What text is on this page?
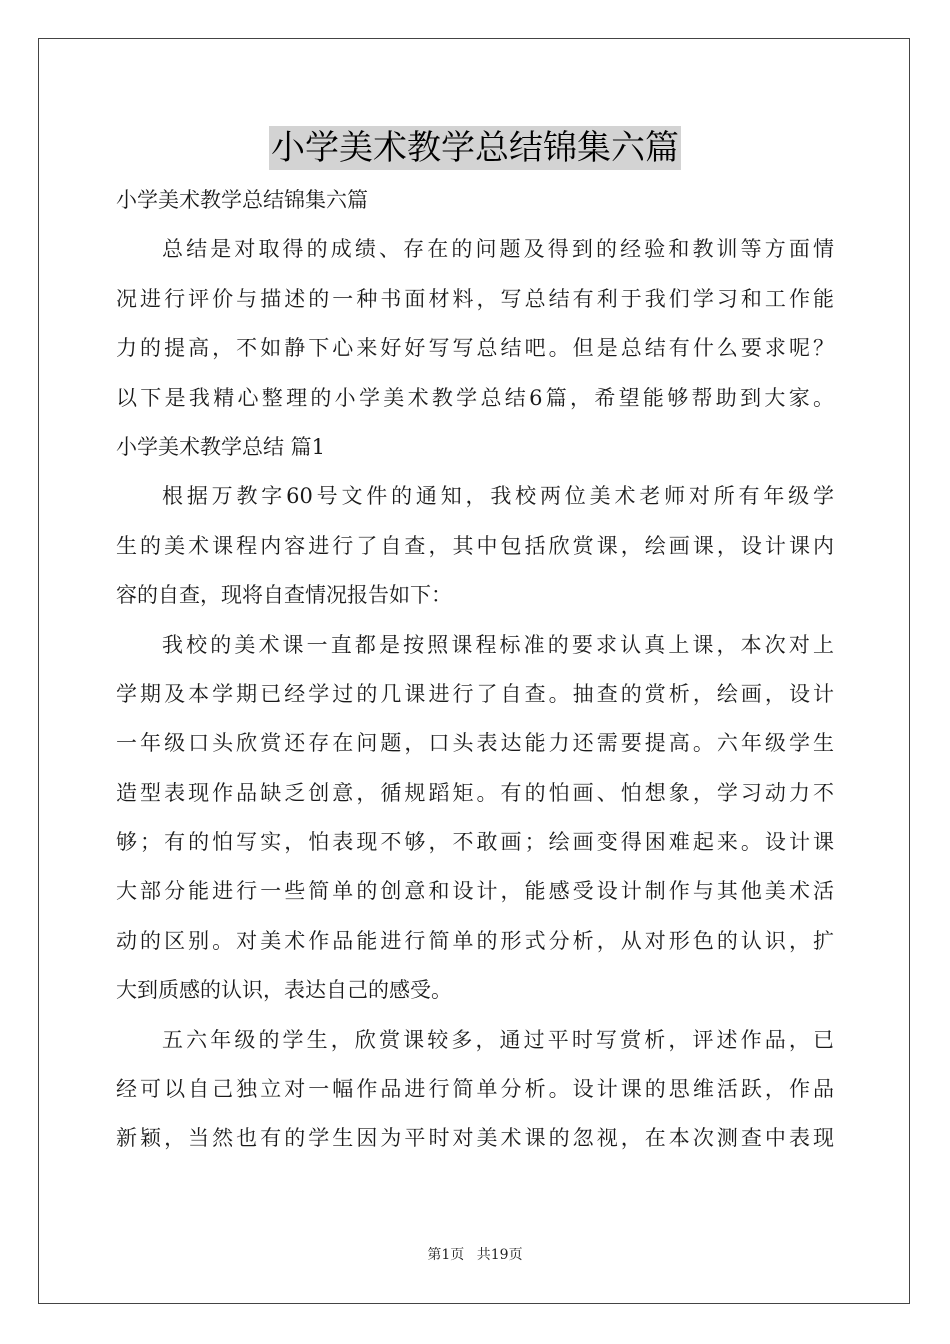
小学美术教学总结锦集六篇
小学美术教学总结锦集六篇
总结是对取得的成绩、存在的问题及得到的经验和教训等方面情
况进行评价与描述的一种书面材料，写总结有利于我们学习和工作能
力的提高，不如静下心来好好写写总结吧。但是总结有什么要求呢？
以下是我精心整理的小学美术教学总结6篇，希望能够帮助到大家。
小学美术教学总结 篇1
根据万教字60号文件的通知，我校两位美术老师对所有年级学
生的美术课程内容进行了自查，其中包括欣赏课，绘画课，设计课内
容的自查，现将自查情况报告如下：
我校的美术课一直都是按照课程标准的要求认真上课，本次对上
学期及本学期已经学过的几课进行了自查。抽查的赏析，绘画，设计
一年级口头欣赏还存在问题，口头表达能力还需要提高。六年级学生
造型表现作品缺乏创意，循规蹈矩。有的怕画、怕想象，学习动力不
够；有的怕写实，怕表现不够，不敢画；绘画变得困难起来。设计课
大部分能进行一些简单的创意和设计，能感受设计制作与其他美术活
动的区别。对美术作品能进行简单的形式分析，从对形色的认识，扩
大到质感的认识，表达自己的感受。
五六年级的学生，欣赏课较多，通过平时写赏析，评述作品，已
经可以自己独立对一幅作品进行简单分析。设计课的思维活跃，作品
新颖，当然也有的学生因为平时对美术课的忽视，在本次测查中表现
第1页 共19页
